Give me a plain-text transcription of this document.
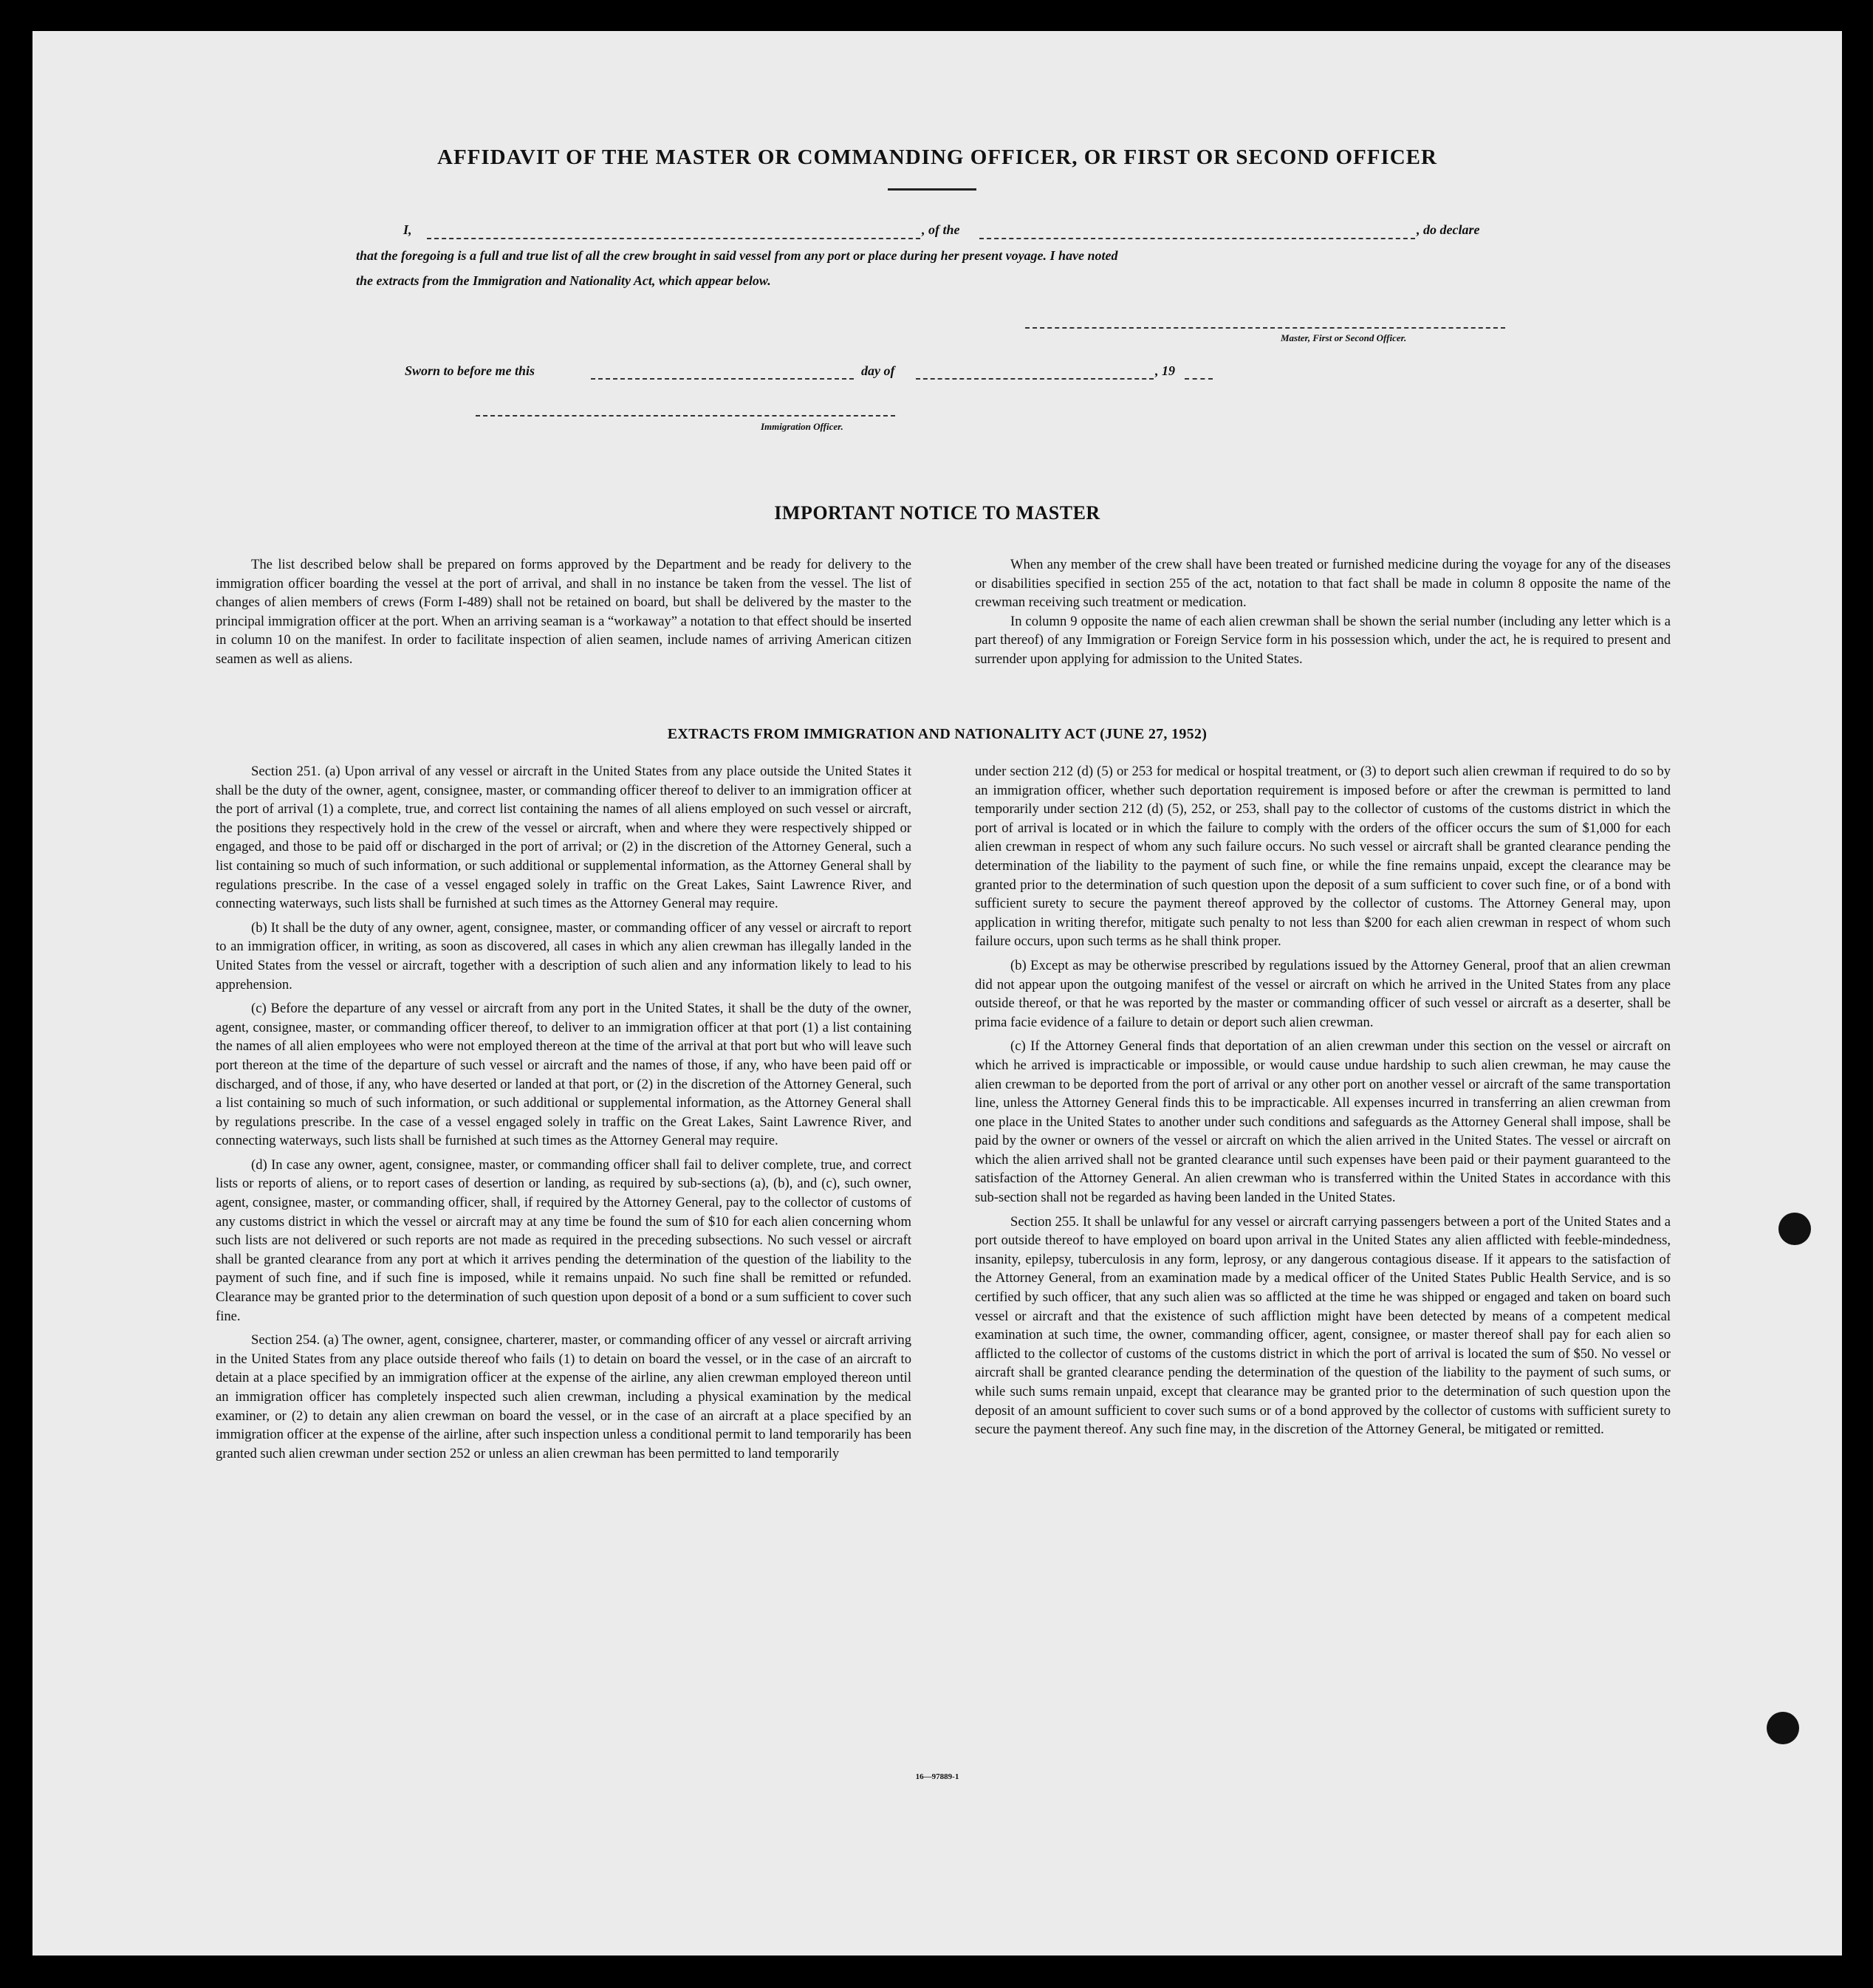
AFFIDAVIT OF THE MASTER OR COMMANDING OFFICER, OR FIRST OR SECOND OFFICER
I,	, of the	, do declare
that the foregoing is a full and true list of all the crew brought in said vessel from any port or place during her present voyage. I have noted
the extracts from the Immigration and Nationality Act, which appear below.
Master, First or Second Officer.
Sworn to before me this	day of	, 19
Immigration Officer.
IMPORTANT NOTICE TO MASTER

The list described below shall be prepared on forms approved by the Department and be ready for delivery to the immigration officer boarding the vessel at the port of arrival, and shall in no instance be taken from the vessel. The list of changes of alien members of crews (Form I-489) shall not be retained on board, but shall be delivered by the master to the principal immigration officer at the port. When an arriving seaman is a “workaway” a notation to that effect should be inserted in column 10 on the manifest. In order to facilitate inspection of alien seamen, include names of arriving American citizen seamen as well as aliens.

When any member of the crew shall have been treated or furnished medicine during the voyage for any of the diseases or disabilities specified in section 255 of the act, notation to that fact shall be made in column 8 opposite the name of the crewman receiving such treatment or medication.

In column 9 opposite the name of each alien crewman shall be shown the serial number (including any letter which is a part thereof) of any Immigration or Foreign Service form in his possession which, under the act, he is required to present and surrender upon applying for admission to the United States.

EXTRACTS FROM IMMIGRATION AND NATIONALITY ACT (JUNE 27, 1952)

Section 251. (a) Upon arrival of any vessel or aircraft in the United States from any place outside the United States it shall be the duty of the owner, agent, consignee, master, or commanding officer thereof to deliver to an immigration officer at the port of arrival (1) a complete, true, and correct list containing the names of all aliens employed on such vessel or aircraft, the positions they respectively hold in the crew of the vessel or aircraft, when and where they were respectively shipped or engaged, and those to be paid off or discharged in the port of arrival; or (2) in the discretion of the Attorney General, such a list containing so much of such information, or such additional or supplemental information, as the Attorney General shall by regulations prescribe. In the case of a vessel engaged solely in traffic on the Great Lakes, Saint Lawrence River, and connecting waterways, such lists shall be furnished at such times as the Attorney General may require.

(b) It shall be the duty of any owner, agent, consignee, master, or commanding officer of any vessel or aircraft to report to an immigration officer, in writing, as soon as discovered, all cases in which any alien crewman has illegally landed in the United States from the vessel or aircraft, together with a description of such alien and any information likely to lead to his apprehension.

(c) Before the departure of any vessel or aircraft from any port in the United States, it shall be the duty of the owner, agent, consignee, master, or commanding officer thereof, to deliver to an immigration officer at that port (1) a list containing the names of all alien employees who were not employed thereon at the time of the arrival at that port but who will leave such port thereon at the time of the departure of such vessel or aircraft and the names of those, if any, who have been paid off or discharged, and of those, if any, who have deserted or landed at that port, or (2) in the discretion of the Attorney General, such a list containing so much of such information, or such additional or supplemental information, as the Attorney General shall by regulations prescribe. In the case of a vessel engaged solely in traffic on the Great Lakes, Saint Lawrence River, and connecting waterways, such lists shall be furnished at such times as the Attorney General may require.

(d) In case any owner, agent, consignee, master, or commanding officer shall fail to deliver complete, true, and correct lists or reports of aliens, or to report cases of desertion or landing, as required by sub-sections (a), (b), and (c), such owner, agent, consignee, master, or commanding officer, shall, if required by the Attorney General, pay to the collector of customs of any customs district in which the vessel or aircraft may at any time be found the sum of $10 for each alien concerning whom such lists are not delivered or such reports are not made as required in the preceding subsections. No such vessel or aircraft shall be granted clearance from any port at which it arrives pending the determination of the question of the liability to the payment of such fine, and if such fine is imposed, while it remains unpaid. No such fine shall be remitted or refunded. Clearance may be granted prior to the determination of such question upon deposit of a bond or a sum sufficient to cover such fine.

Section 254. (a) The owner, agent, consignee, charterer, master, or commanding officer of any vessel or aircraft arriving in the United States from any place outside thereof who fails (1) to detain on board the vessel, or in the case of an aircraft to detain at a place specified by an immigration officer at the expense of the airline, any alien crewman employed thereon until an immigration officer has completely inspected such alien crewman, including a physical examination by the medical examiner, or (2) to detain any alien crewman on board the vessel, or in the case of an aircraft at a place specified by an immigration officer at the expense of the airline, after such inspection unless a conditional permit to land temporarily has been granted such alien crewman under section 252 or unless an alien crewman has been permitted to land temporarily

under section 212 (d) (5) or 253 for medical or hospital treatment, or (3) to deport such alien crewman if required to do so by an immigration officer, whether such deportation requirement is imposed before or after the crewman is permitted to land temporarily under section 212 (d) (5), 252, or 253, shall pay to the collector of customs of the customs district in which the port of arrival is located or in which the failure to comply with the orders of the officer occurs the sum of $1,000 for each alien crewman in respect of whom any such failure occurs. No such vessel or aircraft shall be granted clearance pending the determination of the liability to the payment of such fine, or while the fine remains unpaid, except the clearance may be granted prior to the determination of such question upon the deposit of a sum sufficient to cover such fine, or of a bond with sufficient surety to secure the payment thereof approved by the collector of customs. The Attorney General may, upon application in writing therefor, mitigate such penalty to not less than $200 for each alien crewman in respect of whom such failure occurs, upon such terms as he shall think proper.

(b) Except as may be otherwise prescribed by regulations issued by the Attorney General, proof that an alien crewman did not appear upon the outgoing manifest of the vessel or aircraft on which he arrived in the United States from any place outside thereof, or that he was reported by the master or commanding officer of such vessel or aircraft as a deserter, shall be prima facie evidence of a failure to detain or deport such alien crewman.

(c) If the Attorney General finds that deportation of an alien crewman under this section on the vessel or aircraft on which he arrived is impracticable or impossible, or would cause undue hardship to such alien crewman, he may cause the alien crewman to be deported from the port of arrival or any other port on another vessel or aircraft of the same transportation line, unless the Attorney General finds this to be impracticable. All expenses incurred in transferring an alien crewman from one place in the United States to another under such conditions and safeguards as the Attorney General shall impose, shall be paid by the owner or owners of the vessel or aircraft on which the alien arrived in the United States. The vessel or aircraft on which the alien arrived shall not be granted clearance until such expenses have been paid or their payment guaranteed to the satisfaction of the Attorney General. An alien crewman who is transferred within the United States in accordance with this sub-section shall not be regarded as having been landed in the United States.

Section 255. It shall be unlawful for any vessel or aircraft carrying passengers between a port of the United States and a port outside thereof to have employed on board upon arrival in the United States any alien afflicted with feeble-mindedness, insanity, epilepsy, tuberculosis in any form, leprosy, or any dangerous contagious disease. If it appears to the satisfaction of the Attorney General, from an examination made by a medical officer of the United States Public Health Service, and is so certified by such officer, that any such alien was so afflicted at the time he was shipped or engaged and taken on board such vessel or aircraft and that the existence of such affliction might have been detected by means of a competent medical examination at such time, the owner, commanding officer, agent, consignee, or master thereof shall pay for each alien so afflicted to the collector of customs of the customs district in which the port of arrival is located the sum of $50. No vessel or aircraft shall be granted clearance pending the determination of the question of the liability to the payment of such sums, or while such sums remain unpaid, except that clearance may be granted prior to the determination of such question upon the deposit of an amount sufficient to cover such sums or of a bond approved by the collector of customs with sufficient surety to secure the payment thereof. Any such fine may, in the discretion of the Attorney General, be mitigated or remitted.

16—97889-1
